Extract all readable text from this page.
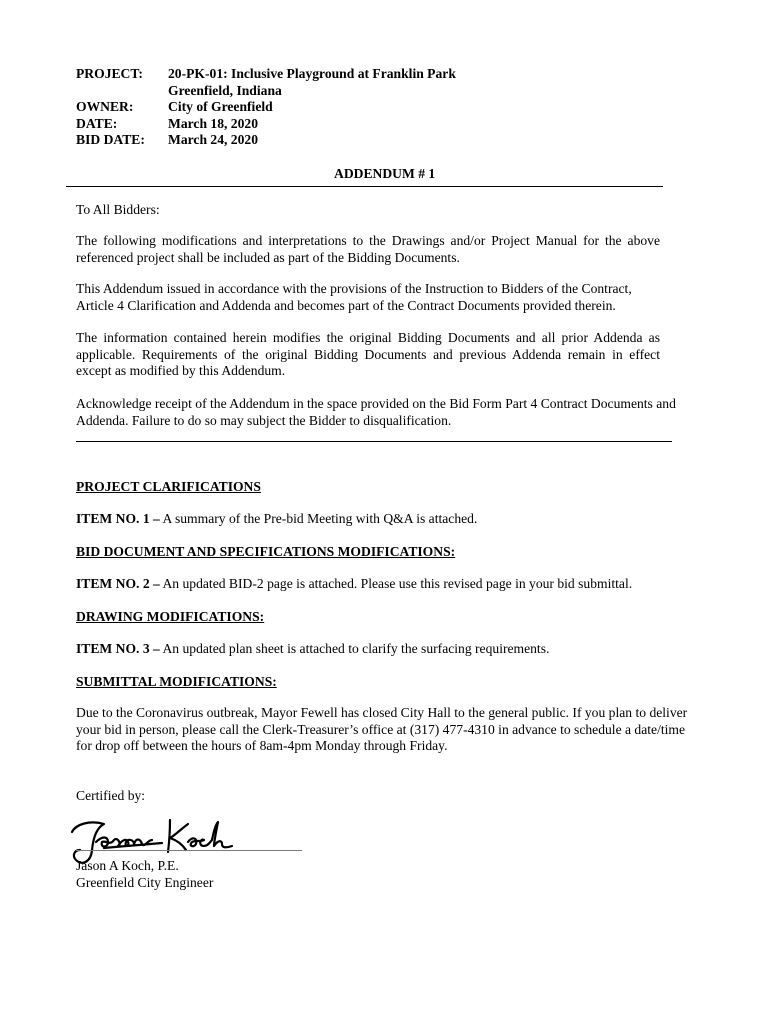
PROJECT: 20-PK-01: Inclusive Playground at Franklin Park
Greenfield, Indiana
OWNER:	City of Greenfield
DATE:	March 18, 2020
BID DATE: March 24, 2020
ADDENDUM # 1
To All Bidders:
The following modifications and interpretations to the Drawings and/or Project Manual for the above referenced project shall be included as part of the Bidding Documents.
This Addendum issued in accordance with the provisions of the Instruction to Bidders of the Contract, Article 4 Clarification and Addenda and becomes part of the Contract Documents provided therein.
The information contained herein modifies the original Bidding Documents and all prior Addenda as applicable. Requirements of the original Bidding Documents and previous Addenda remain in effect except as modified by this Addendum.
Acknowledge receipt of the Addendum in the space provided on the Bid Form Part 4 Contract Documents and Addenda. Failure to do so may subject the Bidder to disqualification.
PROJECT CLARIFICATIONS
ITEM NO. 1 – A summary of the Pre-bid Meeting with Q&A is attached.
BID DOCUMENT AND SPECIFICATIONS MODIFICATIONS:
ITEM NO. 2 – An updated BID-2 page is attached. Please use this revised page in your bid submittal.
DRAWING MODIFICATIONS:
ITEM NO. 3 – An updated plan sheet is attached to clarify the surfacing requirements.
SUBMITTAL MODIFICATIONS:
Due to the Coronavirus outbreak, Mayor Fewell has closed City Hall to the general public. If you plan to deliver your bid in person, please call the Clerk-Treasurer’s office at (317) 477-4310 in advance to schedule a date/time for drop off between the hours of 8am-4pm Monday through Friday.
Certified by:
Jason A Koch, P.E.
Greenfield City Engineer
